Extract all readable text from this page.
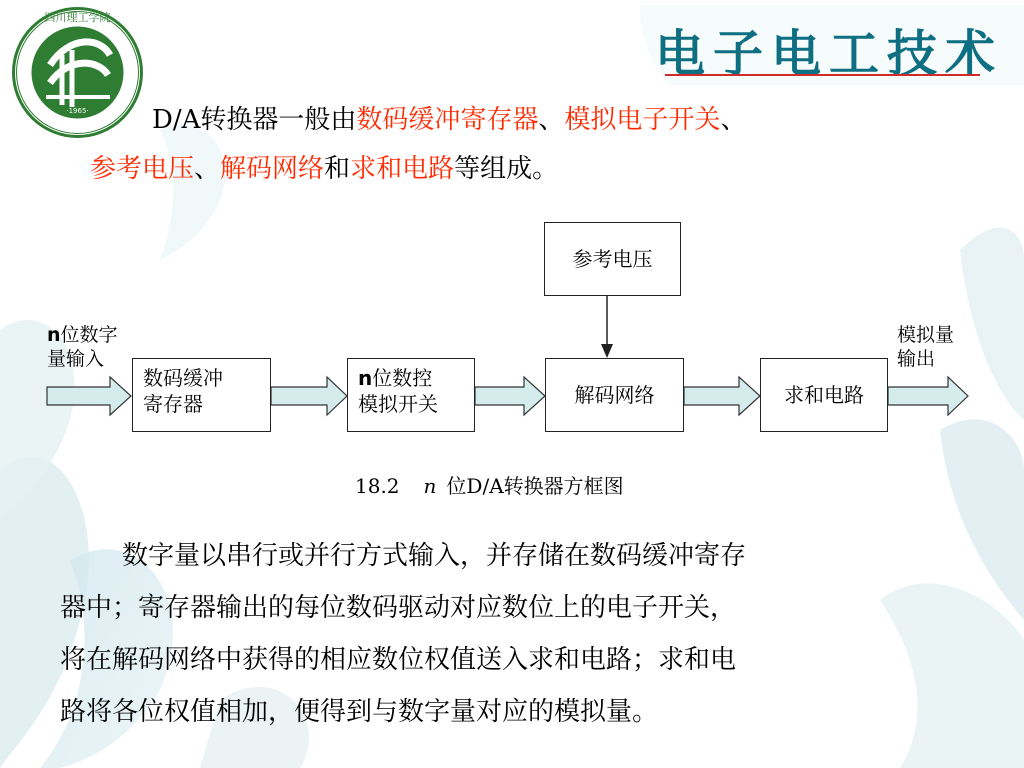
电子电工技术
·1965·
四川理工学院
D/A转换器一般由数码缓冲寄存器、模拟电子开关、
参考电压、解码网络和求和电路等组成。
参考电压
数码缓冲
寄存器
n位数控
模拟开关	解码网络	求和电路
n位数字
量输入
模拟量
输出
18.2 n 位D/A转换器方框图
数字量以串行或并行方式输入，并存储在数码缓冲寄存
器中；寄存器输出的每位数码驱动对应数位上的电子开关，
将在解码网络中获得的相应数位权值送入求和电路；求和电
路将各位权值相加，便得到与数字量对应的模拟量。
